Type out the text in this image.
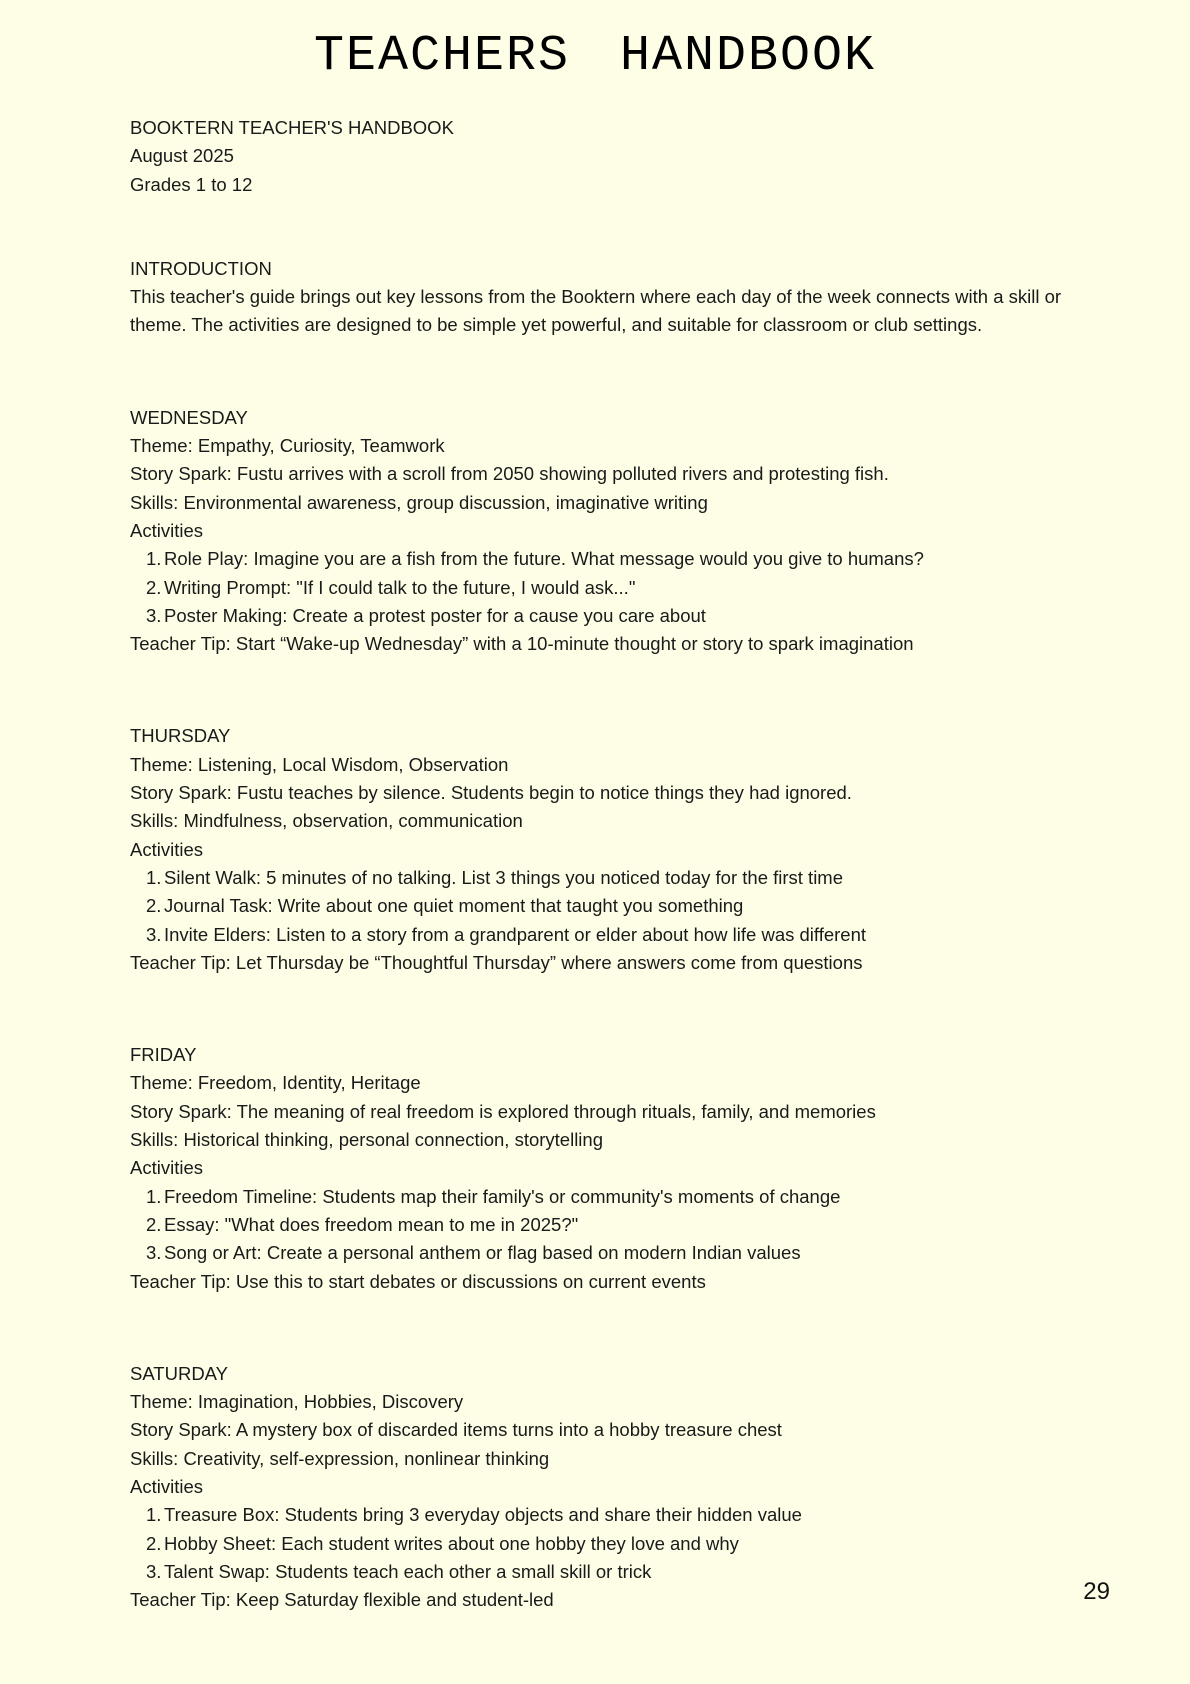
TEACHERS HANDBOOK
BOOKTERN TEACHER'S HANDBOOK
August 2025
Grades 1 to 12
INTRODUCTION
This teacher's guide brings out key lessons from the Booktern where each day of the week connects with a skill or theme. The activities are designed to be simple yet powerful, and suitable for classroom or club settings.
WEDNESDAY
Theme: Empathy, Curiosity, Teamwork
Story Spark: Fustu arrives with a scroll from 2050 showing polluted rivers and protesting fish.
Skills: Environmental awareness, group discussion, imaginative writing
Activities
1. Role Play: Imagine you are a fish from the future. What message would you give to humans?
2. Writing Prompt: "If I could talk to the future, I would ask..."
3. Poster Making: Create a protest poster for a cause you care about
Teacher Tip: Start “Wake-up Wednesday” with a 10-minute thought or story to spark imagination
THURSDAY
Theme: Listening, Local Wisdom, Observation
Story Spark: Fustu teaches by silence. Students begin to notice things they had ignored.
Skills: Mindfulness, observation, communication
Activities
1. Silent Walk: 5 minutes of no talking. List 3 things you noticed today for the first time
2. Journal Task: Write about one quiet moment that taught you something
3. Invite Elders: Listen to a story from a grandparent or elder about how life was different
Teacher Tip: Let Thursday be “Thoughtful Thursday” where answers come from questions
FRIDAY
Theme: Freedom, Identity, Heritage
Story Spark: The meaning of real freedom is explored through rituals, family, and memories
Skills: Historical thinking, personal connection, storytelling
Activities
1. Freedom Timeline: Students map their family's or community's moments of change
2. Essay: "What does freedom mean to me in 2025?"
3. Song or Art: Create a personal anthem or flag based on modern Indian values
Teacher Tip: Use this to start debates or discussions on current events
SATURDAY
Theme: Imagination, Hobbies, Discovery
Story Spark: A mystery box of discarded items turns into a hobby treasure chest
Skills: Creativity, self-expression, nonlinear thinking
Activities
1. Treasure Box: Students bring 3 everyday objects and share their hidden value
2. Hobby Sheet: Each student writes about one hobby they love and why
3. Talent Swap: Students teach each other a small skill or trick
Teacher Tip: Keep Saturday flexible and student-led	29
